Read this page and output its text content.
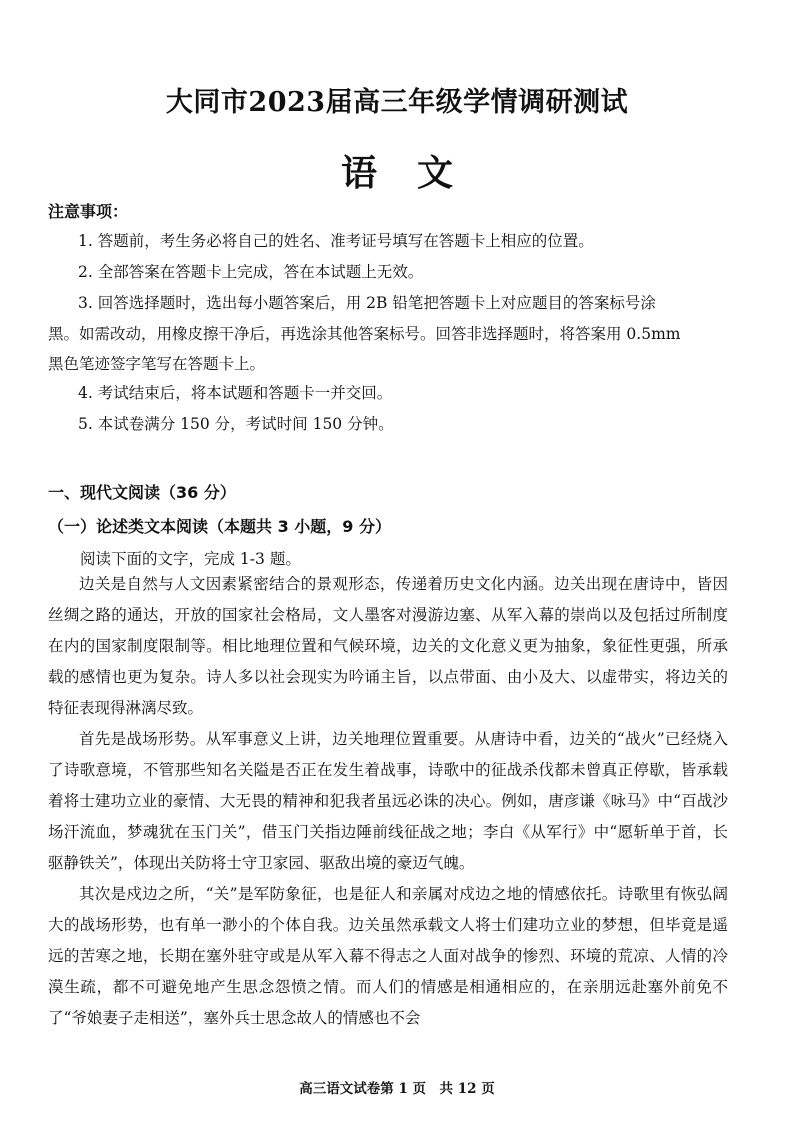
大同市2023届高三年级学情调研测试
语文
注意事项：
1. 答题前，考生务必将自己的姓名、准考证号填写在答题卡上相应的位置。
2. 全部答案在答题卡上完成，答在本试题上无效。
3. 回答选择题时，选出每小题答案后，用 2B 铅笔把答题卡上对应题目的答案标号涂
黑。如需改动，用橡皮擦干净后，再选涂其他答案标号。回答非选择题时，将答案用 0.5mm
黑色笔迹签字笔写在答题卡上。
4. 考试结束后，将本试题和答题卡一并交回。
5. 本试卷满分 150 分，考试时间 150 分钟。
一、现代文阅读（36 分）
（一）论述类文本阅读（本题共 3 小题，9 分）
阅读下面的文字，完成 1-3 题。

边关是自然与人文因素紧密结合的景观形态，传递着历史文化内涵。边关出现在唐诗中，皆因丝绸之路的通达，开放的国家社会格局，文人墨客对漫游边塞、从军入幕的崇尚以及包括过所制度在内的国家制度限制等。相比地理位置和气候环境，边关的文化意义更为抽象，象征性更强，所承载的感情也更为复杂。诗人多以社会现实为吟诵主旨，以点带面、由小及大、以虚带实，将边关的特征表现得淋漓尽致。

首先是战场形势。从军事意义上讲，边关地理位置重要。从唐诗中看，边关的“战火”已经烧入了诗歌意境，不管那些知名关隘是否正在发生着战事，诗歌中的征战杀伐都未曾真正停歇，皆承载着将士建功立业的豪情、大无畏的精神和犯我者虽远必诛的决心。例如，唐彦谦《咏马》中“百战沙场汗流血，梦魂犹在玉门关”，借玉门关指边陲前线征战之地；李白《从军行》中“愿斩单于首，长驱静铁关”，体现出关防将士守卫家园、驱敌出境的豪迈气魄。

其次是戍边之所，“关”是军防象征，也是征人和亲属对戍边之地的情感依托。诗歌里有恢弘阔大的战场形势，也有单一渺小的个体自我。边关虽然承载文人将士们建功立业的梦想，但毕竟是遥远的苦寒之地，长期在塞外驻守或是从军入幕不得志之人面对战争的惨烈、环境的荒凉、人情的冷漠生疏，都不可避免地产生思念怨愤之情。而人们的情感是相通相应的，在亲朋远赴塞外前免不了“爷娘妻子走相送”，塞外兵士思念故人的情感也不会

高三语文试卷第 1 页　共 12 页
